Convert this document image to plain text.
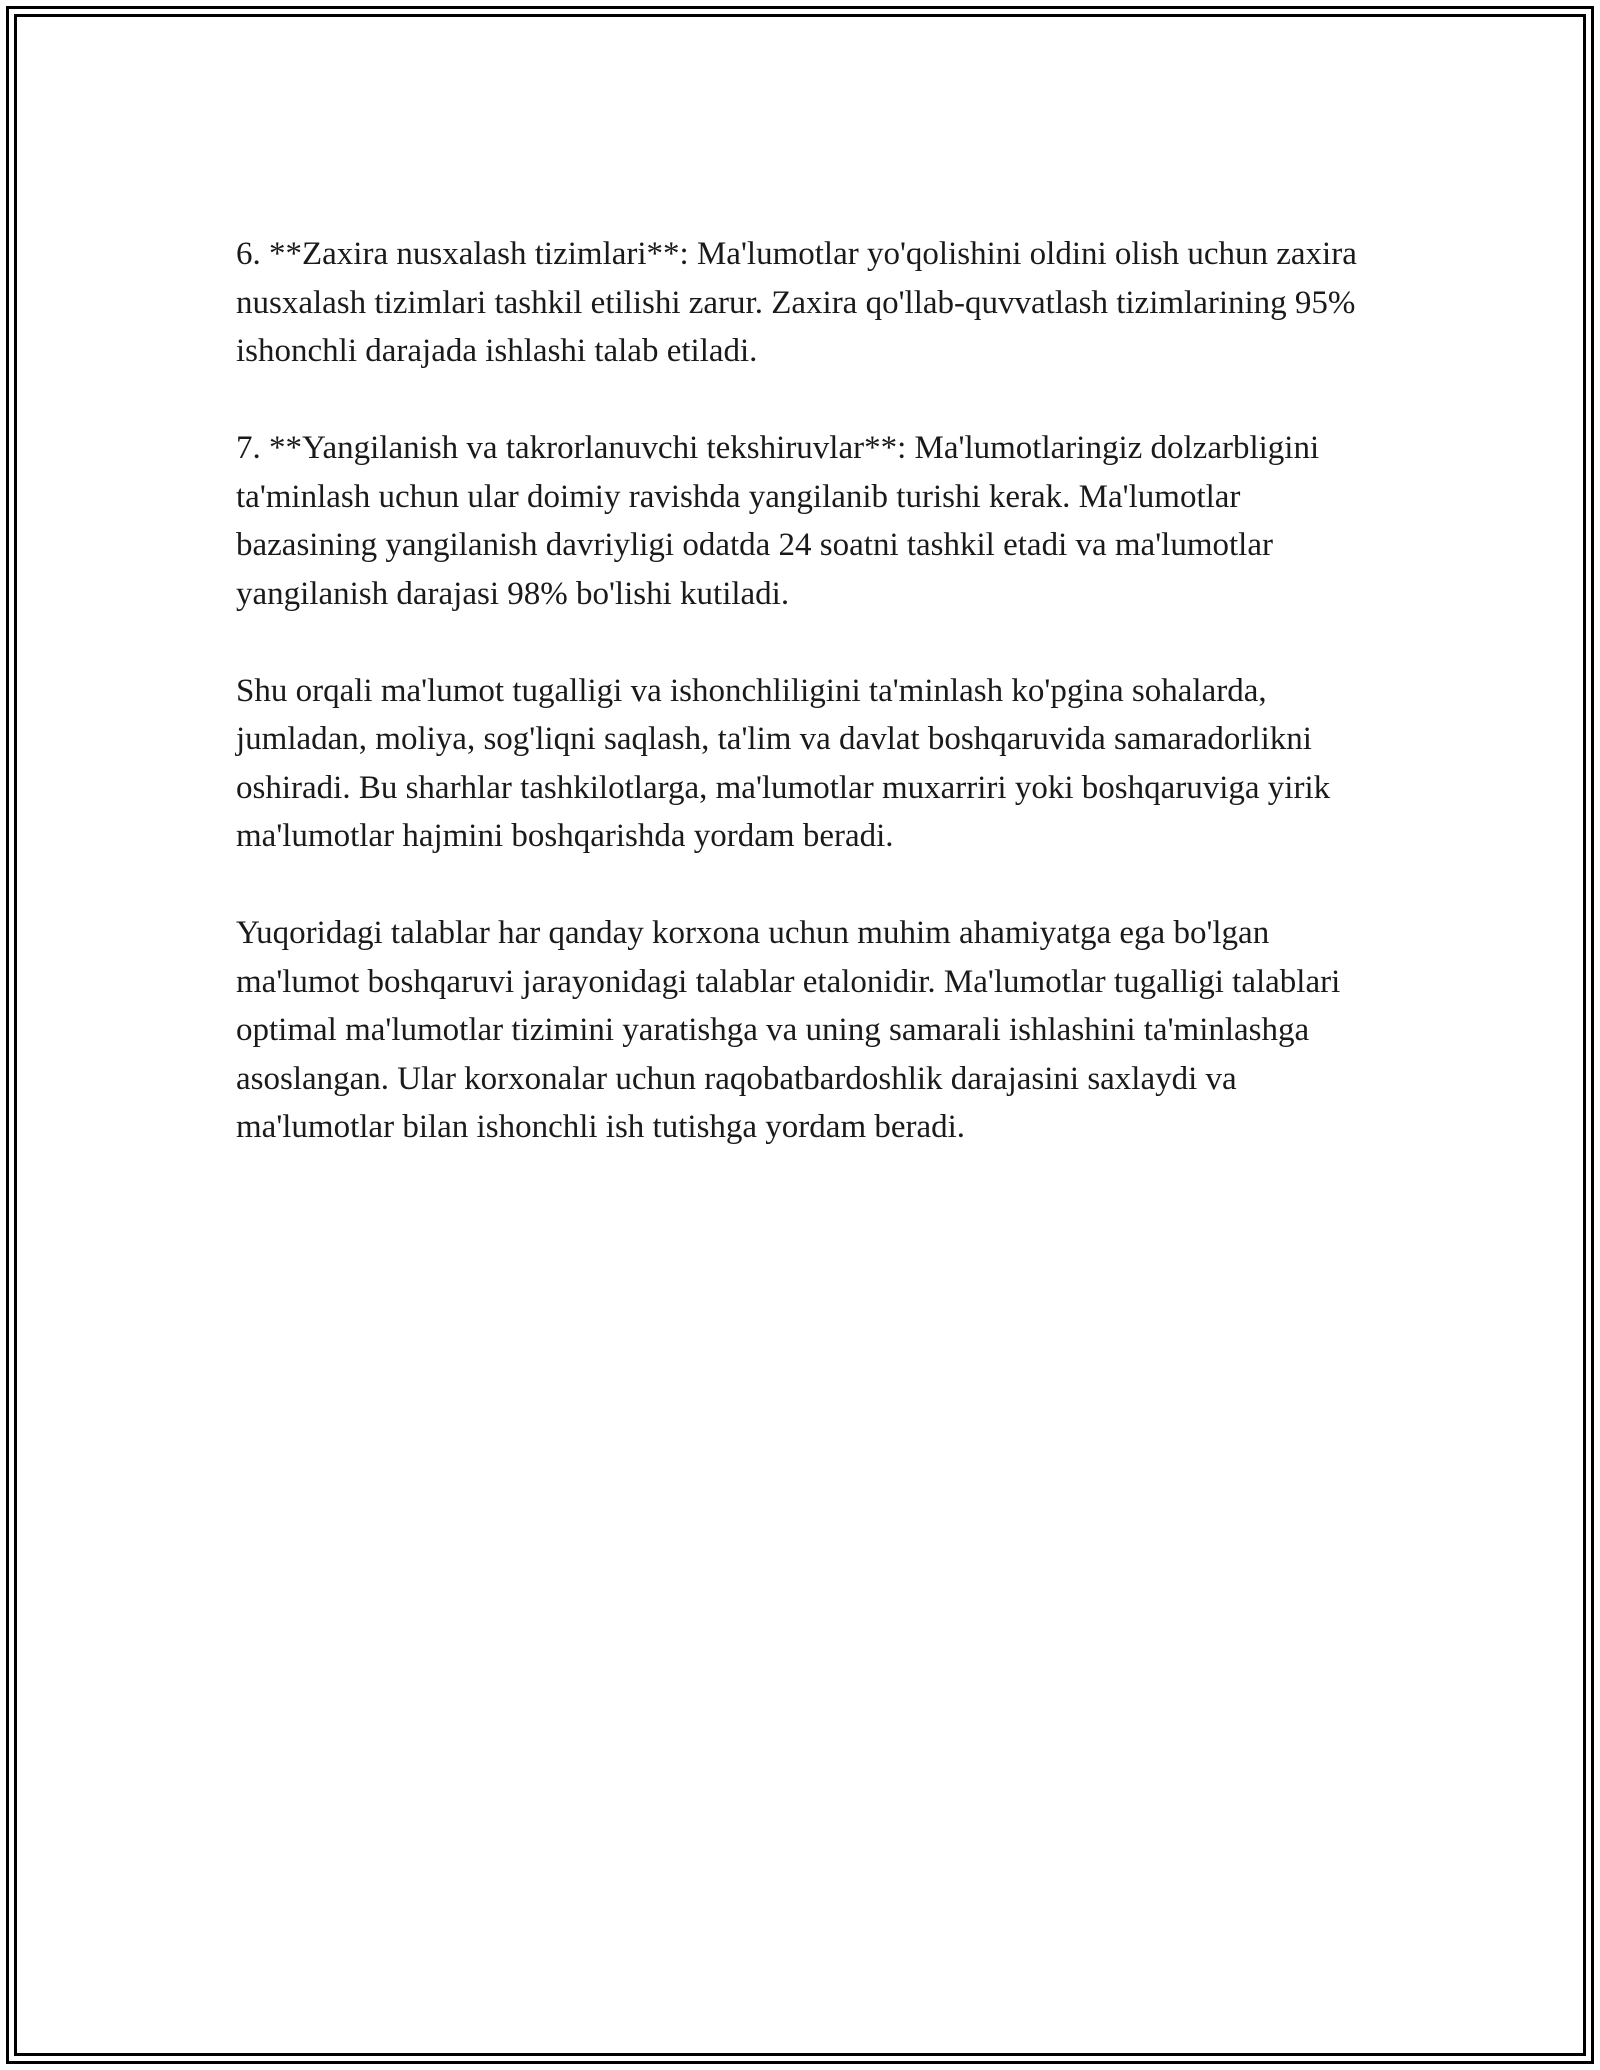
6. **Zaxira nusxalash tizimlari**: Ma'lumotlar yo'qolishini oldini olish uchun zaxira nusxalash tizimlari tashkil etilishi zarur. Zaxira qo'llab-quvvatlash tizimlarining 95% ishonchli darajada ishlashi talab etiladi.

7. **Yangilanish va takrorlanuvchi tekshiruvlar**: Ma'lumotlaringiz dolzarbligini ta'minlash uchun ular doimiy ravishda yangilanib turishi kerak. Ma'lumotlar bazasining yangilanish davriyligi odatda 24 soatni tashkil etadi va ma'lumotlar yangilanish darajasi 98% bo'lishi kutiladi.

Shu orqali ma'lumot tugalligi va ishonchliligini ta'minlash ko'pgina sohalarda, jumladan, moliya, sog'liqni saqlash, ta'lim va davlat boshqaruvida samaradorlikni oshiradi. Bu sharhlar tashkilotlarga, ma'lumotlar muxarriri yoki boshqaruviga yirik ma'lumotlar hajmini boshqarishda yordam beradi.

Yuqoridagi talablar har qanday korxona uchun muhim ahamiyatga ega bo'lgan ma'lumot boshqaruvi jarayonidagi talablar etalonidir. Ma'lumotlar tugalligi talablari optimal ma'lumotlar tizimini yaratishga va uning samarali ishlashini ta'minlashga asoslangan. Ular korxonalar uchun raqobatbardoshlik darajasini saxlaydi va ma'lumotlar bilan ishonchli ish tutishga yordam beradi.
